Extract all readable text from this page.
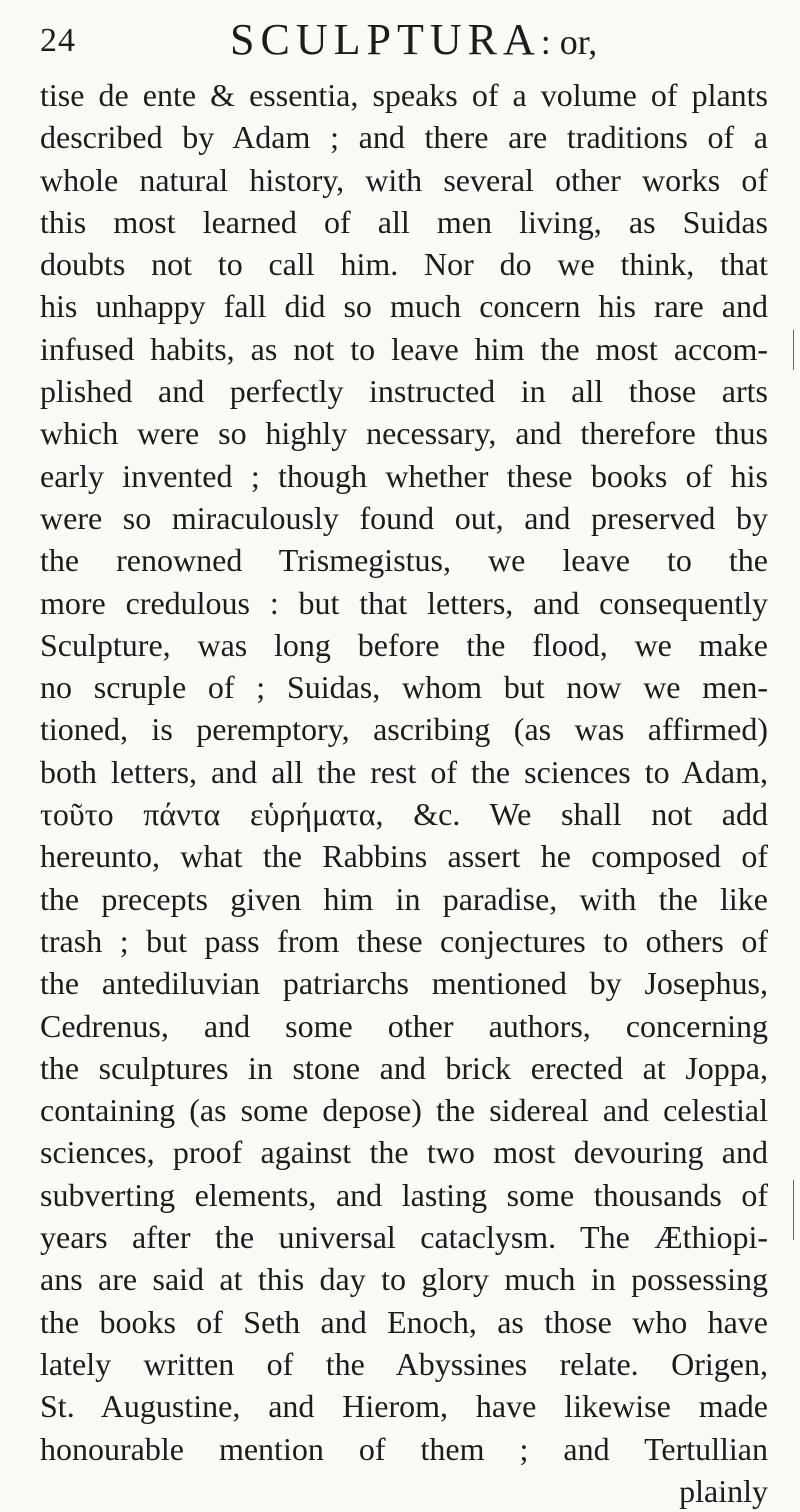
24	SCULPTURA: or,
tise de ente & essentia, speaks of a volume of plants
described by Adam ; and there are traditions of a
whole natural history, with several other works of
this most learned of all men living, as Suidas
doubts not to call him. Nor do we think, that
his unhappy fall did so much concern his rare and
infused habits, as not to leave him the most accom-
plished and perfectly instructed in all those arts
which were so highly necessary, and therefore thus
early invented ; though whether these books of his
were so miraculously found out, and preserved by
the renowned Trismegistus, we leave to the
more credulous : but that letters, and consequently
Sculpture, was long before the flood, we make
no scruple of ; Suidas, whom but now we men-
tioned, is peremptory, ascribing (as was affirmed)
both letters, and all the rest of the sciences to Adam,
τοῦτο πάντα εὑρήματα, &c. We shall not add
hereunto, what the Rabbins assert he composed of
the precepts given him in paradise, with the like
trash ; but pass from these conjectures to others of
the antediluvian patriarchs mentioned by Josephus,
Cedrenus, and some other authors, concerning
the sculptures in stone and brick erected at Joppa,
containing (as some depose) the sidereal and celestial
sciences, proof against the two most devouring and
subverting elements, and lasting some thousands of
years after the universal cataclysm. The Æthiopi-
ans are said at this day to glory much in possessing
the books of Seth and Enoch, as those who have
lately written of the Abyssines relate. Origen,
St. Augustine, and Hierom, have likewise made
honourable mention of them ; and Tertullian
plainly
